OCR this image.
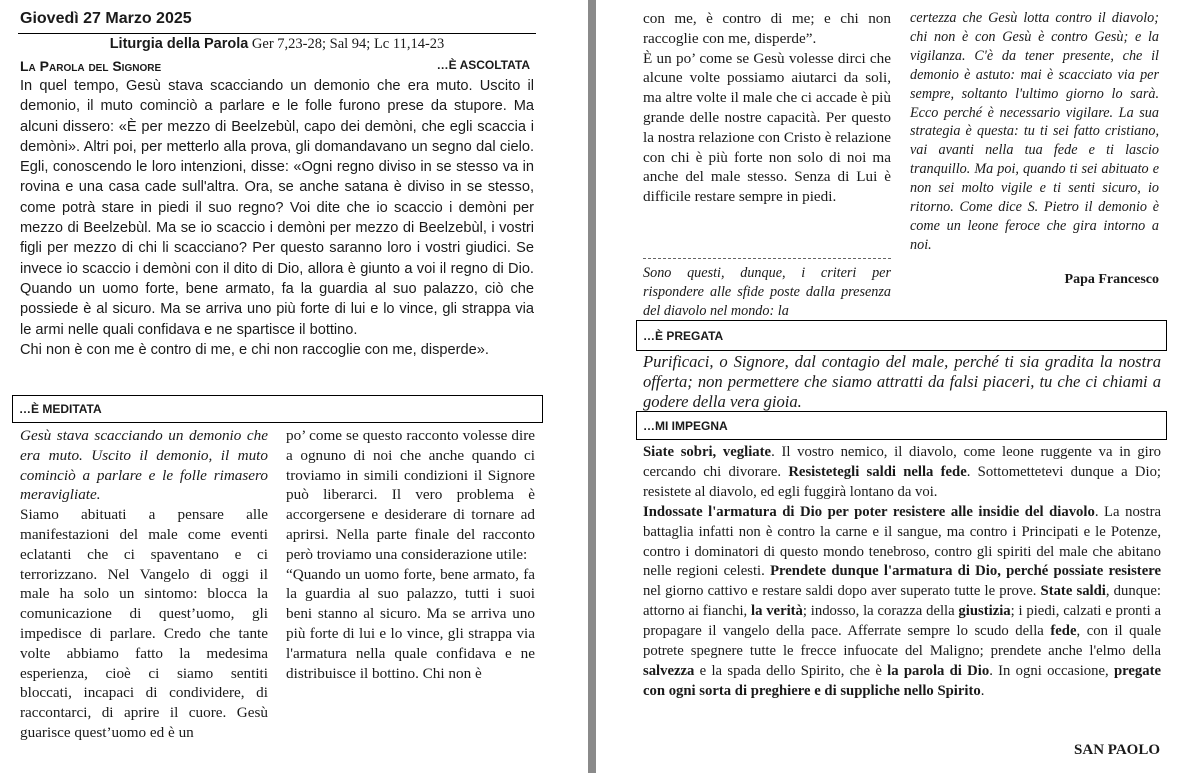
Giovedì 27 Marzo 2025
Liturgia della Parola Ger 7,23-28; Sal 94; Lc 11,14-23
La Parola del Signore	…È ASCOLTATA

In quel tempo, Gesù stava scacciando un demonio che era muto. Uscito il demonio, il muto cominciò a parlare e le folle furono prese da stupore. Ma alcuni dissero: «È per mezzo di Beelzebùl, capo dei demòni, che egli scaccia i demòni». Altri poi, per metterlo alla prova, gli domandavano un segno dal cielo. Egli, conoscendo le loro intenzioni, disse: «Ogni regno diviso in se stesso va in rovina e una casa cade sull'altra. Ora, se anche satana è diviso in se stesso, come potrà stare in piedi il suo regno? Voi dite che io scaccio i demòni per mezzo di Beelzebùl. Ma se io scaccio i demòni per mezzo di Beelzebùl, i vostri figli per mezzo di chi li scacciano? Per questo saranno loro i vostri giudici. Se invece io scaccio i demòni con il dito di Dio, allora è giunto a voi il regno di Dio. Quando un uomo forte, bene armato, fa la guardia al suo palazzo, ciò che possiede è al sicuro. Ma se arriva uno più forte di lui e lo vince, gli strappa via le armi nelle quali confidava e ne spartisce il bottino.

Chi non è con me è contro di me, e chi non raccoglie con me, disperde».

…È MEDITATA

Gesù stava scacciando un demonio che era muto. Uscito il demonio, il muto cominciò a parlare e le folle rimasero meravigliate.

Siamo abituati a pensare alle manifestazioni del male come eventi eclatanti che ci spaventano e ci terrorizzano. Nel Vangelo di oggi il male ha solo un sintomo: blocca la comunicazione di quest’uomo, gli impedisce di parlare. Credo che tante volte abbiamo fatto la medesima esperienza, cioè ci siamo sentiti bloccati, incapaci di condividere, di raccontarci, di aprire il cuore. Gesù guarisce quest’uomo ed è un

po’ come se questo racconto volesse dire a ognuno di noi che anche quando ci troviamo in simili condizioni il Signore può liberarci. Il vero problema è accorgersene e desiderare di tornare ad aprirsi. Nella parte finale del racconto però troviamo una considerazione utile:

“Quando un uomo forte, bene armato, fa la guardia al suo palazzo, tutti i suoi beni stanno al sicuro. Ma se arriva uno più forte di lui e lo vince, gli strappa via l'armatura nella quale confidava e ne distribuisce il bottino. Chi non è

con me, è contro di me; e chi non raccoglie con me, disperde”.

È un po’ come se Gesù volesse dirci che alcune volte possiamo aiutarci da soli, ma altre volte il male che ci accade è più grande delle nostre capacità. Per questo la nostra relazione con Cristo è relazione con chi è più forte non solo di noi ma anche del male stesso. Senza di Lui è difficile restare sempre in piedi.

Sono questi, dunque, i criteri per rispondere alle sfide poste dalla presenza del diavolo nel mondo: la
certezza che Gesù lotta contro il diavolo; chi non è con Gesù è contro Gesù; e la vigilanza. C'è da tener presente, che il demonio è astuto: mai è scacciato via per sempre, soltanto l'ultimo giorno lo sarà. Ecco perché è necessario vigilare. La sua strategia è questa: tu ti sei fatto cristiano, vai avanti nella tua fede e ti lascio tranquillo. Ma poi, quando ti sei abituato e non sei molto vigile e ti senti sicuro, io ritorno. Come dice S. Pietro il demonio è come un leone feroce che gira intorno a noi.
Papa Francesco
…È PREGATA
Purificaci, o Signore, dal contagio del male, perché ti sia gradita la nostra offerta; non permettere che siamo attratti da falsi piaceri, tu che ci chiami a godere della vera gioia.
…MI IMPEGNA

Siate sobri, vegliate. Il vostro nemico, il diavolo, come leone ruggente va in giro cercando chi divorare. Resistetegli saldi nella fede. Sottomettetevi dunque a Dio; resistete al diavolo, ed egli fuggirà lontano da voi.

Indossate l'armatura di Dio per poter resistere alle insidie del diavolo. La nostra battaglia infatti non è contro la carne e il sangue, ma contro i Principati e le Potenze, contro i dominatori di questo mondo tenebroso, contro gli spiriti del male che abitano nelle regioni celesti. Prendete dunque l'armatura di Dio, perché possiate resistere nel giorno cattivo e restare saldi dopo aver superato tutte le prove. State saldi, dunque: attorno ai fianchi, la verità; indosso, la corazza della giustizia; i piedi, calzati e pronti a propagare il vangelo della pace. Afferrate sempre lo scudo della fede, con il quale potrete spegnere tutte le frecce infuocate del Maligno; prendete anche l'elmo della salvezza e la spada dello Spirito, che è la parola di Dio. In ogni occasione, pregate con ogni sorta di preghiere e di suppliche nello Spirito.

SAN PAOLO
